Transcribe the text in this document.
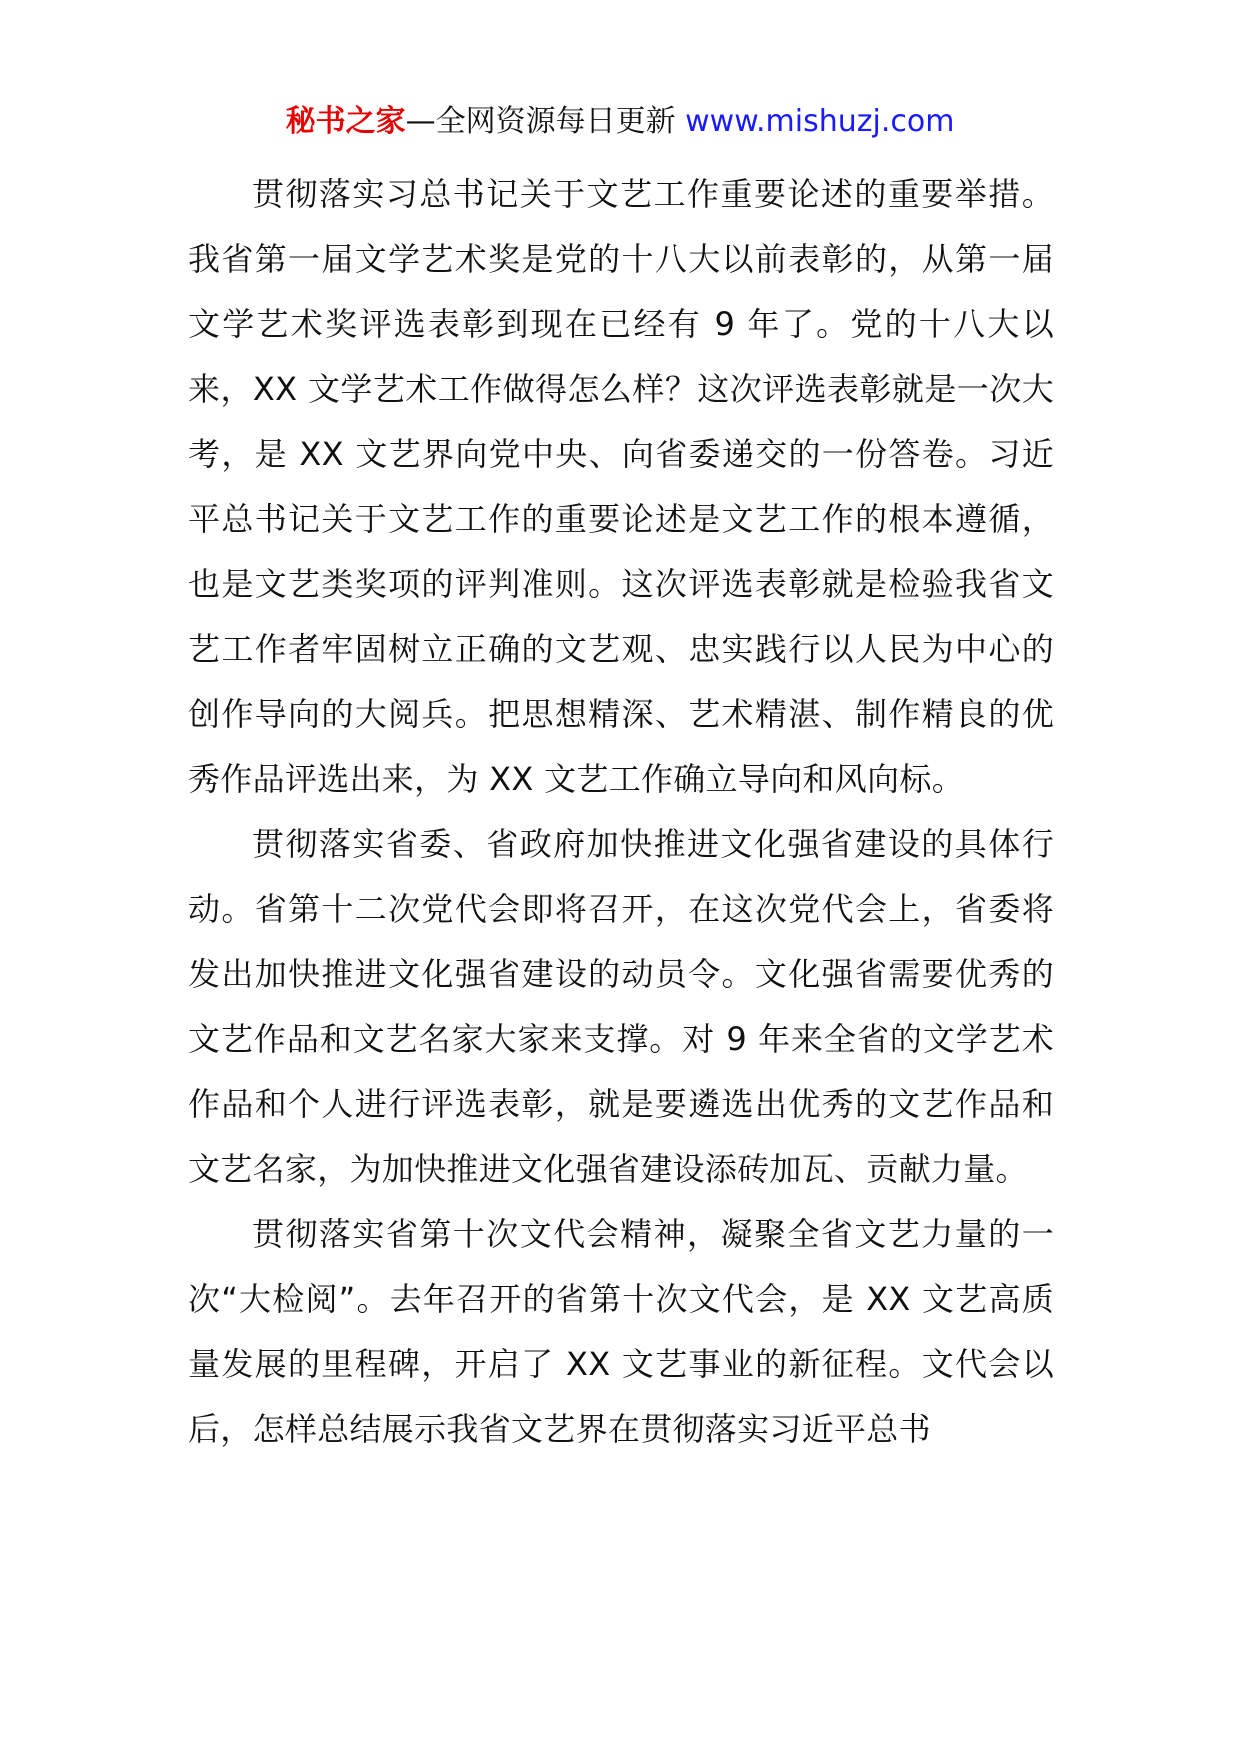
秘书之家—全网资源每日更新 www.mishuzj.com

贯彻落实习总书记关于文艺工作重要论述的重要举措。我省第一届文学艺术奖是党的十八大以前表彰的，从第一届文学艺术奖评选表彰到现在已经有 9 年了。党的十八大以来，XX 文学艺术工作做得怎么样？这次评选表彰就是一次大考，是 XX 文艺界向党中央、向省委递交的一份答卷。习近平总书记关于文艺工作的重要论述是文艺工作的根本遵循，也是文艺类奖项的评判准则。这次评选表彰就是检验我省文艺工作者牢固树立正确的文艺观、忠实践行以人民为中心的创作导向的大阅兵。把思想精深、艺术精湛、制作精良的优秀作品评选出来，为 XX 文艺工作确立导向和风向标。

贯彻落实省委、省政府加快推进文化强省建设的具体行动。省第十二次党代会即将召开，在这次党代会上，省委将发出加快推进文化强省建设的动员令。文化强省需要优秀的文艺作品和文艺名家大家来支撑。对 9 年来全省的文学艺术作品和个人进行评选表彰，就是要遴选出优秀的文艺作品和文艺名家，为加快推进文化强省建设添砖加瓦、贡献力量。

贯彻落实省第十次文代会精神，凝聚全省文艺力量的一次“大检阅”。去年召开的省第十次文代会，是 XX 文艺高质量发展的里程碑，开启了 XX 文艺事业的新征程。文代会以后，怎样总结展示我省文艺界在贯彻落实习近平总书
